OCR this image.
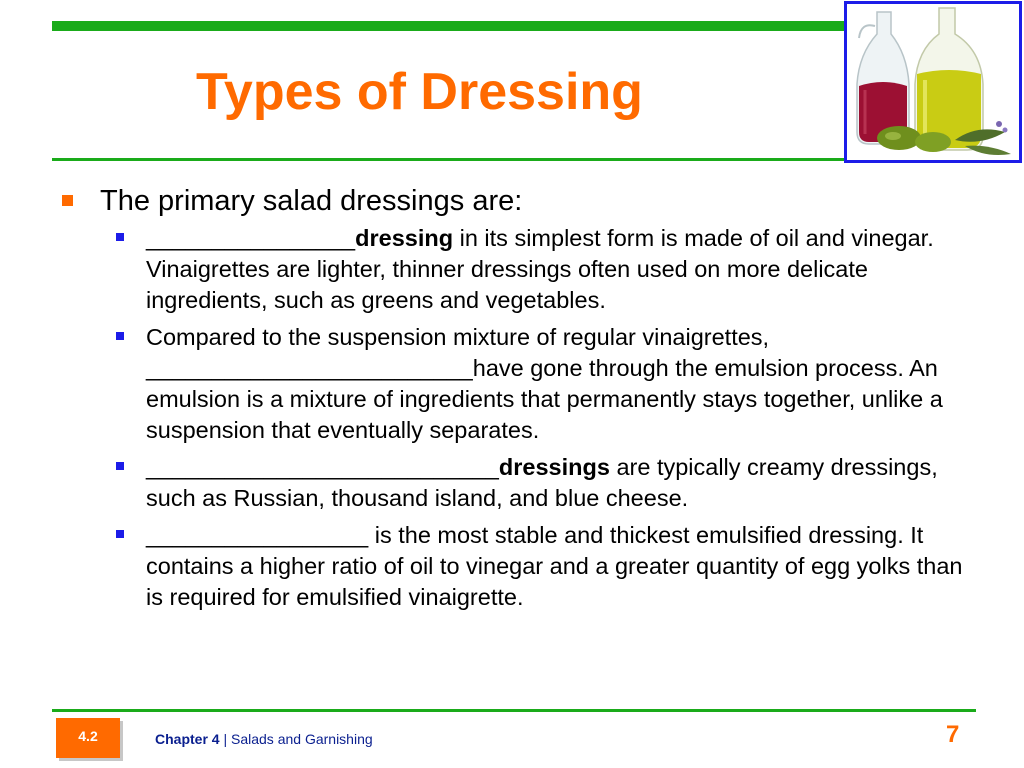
Types of Dressing
The primary salad dressings are:
________________dressing in its simplest form is made of oil and vinegar. Vinaigrettes are lighter, thinner dressings often used on more delicate ingredients, such as greens and vegetables.
Compared to the suspension mixture of regular vinaigrettes, _________________________have gone through the emulsion process. An emulsion is a mixture of ingredients that permanently stays together, unlike a suspension that eventually separates.
___________________________dressings are typically creamy dressings, such as Russian, thousand island, and blue cheese.
_________________ is the most stable and thickest emulsified dressing. It contains a higher ratio of oil to vinegar and a greater quantity of egg yolks than is required for emulsified vinaigrette.
4.2	Chapter 4 | Salads and Garnishing	7
